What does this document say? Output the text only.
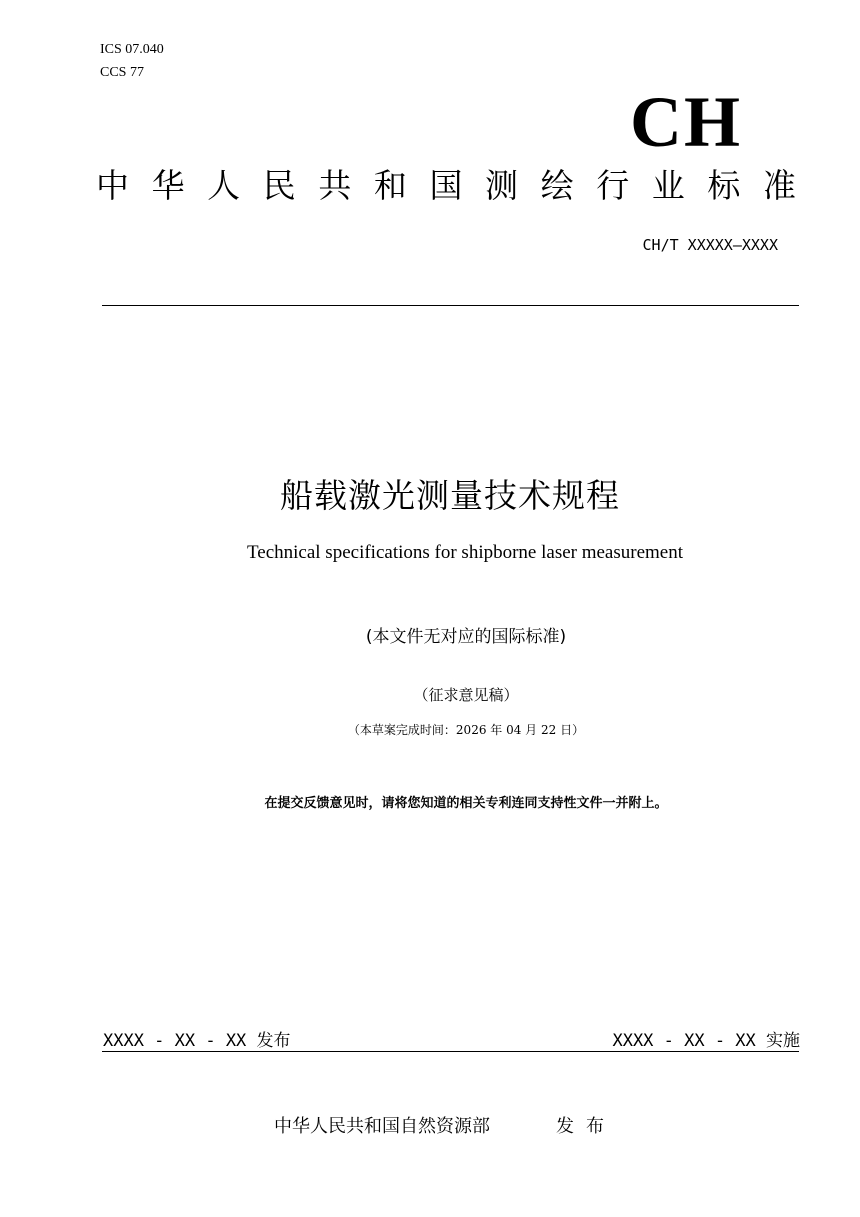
ICS 07.040
CCS 77
CH
中 华 人 民 共 和 国 测 绘 行 业 标 准
CH/T XXXXX—XXXX
船载激光测量技术规程
Technical specifications for shipborne laser measurement
(本文件无对应的国际标准)
（征求意见稿）
（本草案完成时间：2026 年 04 月 22 日）
在提交反馈意见时，请将您知道的相关专利连同支持性文件一并附上。
XXXX - XX - XX 发布	XXXX - XX - XX 实施
中华人民共和国自然资源部	发布
